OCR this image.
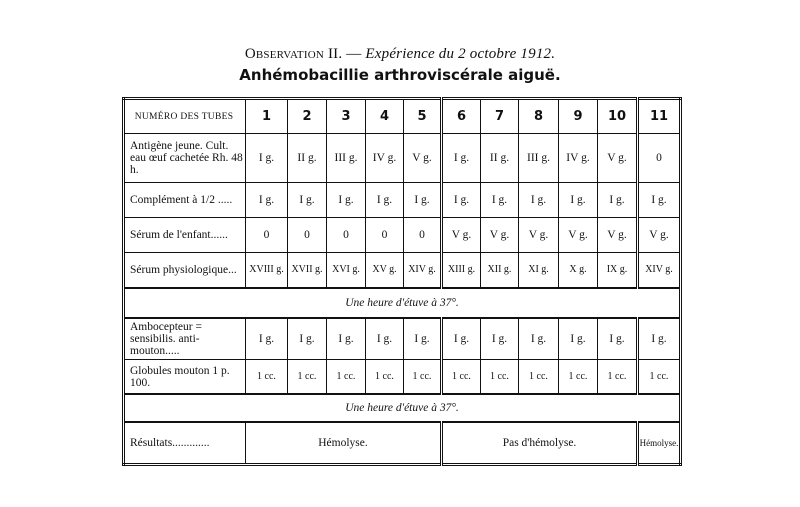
Observation II. — Expérience du 2 octobre 1912.
Anhémobacillie arthroviscérale aiguë.
NUMÉRO DES TUBES	1	2	3	4	5	6	7	8	9	10	11
Antigène jeune. Cult. eau œuf cachetée Rh. 48 h.	I g.	II g.	III g.	IV g.	V g.	I g.	II g.	III g.	IV g.	V g.	0
Complément à 1/2 .....	I g.	I g.	I g.	I g.	I g.	I g.	I g.	I g.	I g.	I g.	I g.
Sérum de l'enfant......	0	0	0	0	0	V g.	V g.	V g.	V g.	V g.	V g.
Sérum physiologique...	XVIII g.	XVII g.	XVI g.	XV g.	XIV g.	XIII g.	XII g.	XI g.	X g.	IX g.	XIV g.
Une heure d'étuve à 37°.											
Ambocepteur = sensibilis. anti-mouton.....	I g.	I g.	I g.	I g.	I g.	I g.	I g.	I g.	I g.	I g.	I g.
Globules mouton 1 p. 100.	1 cc.	1 cc.	1 cc.	1 cc.	1 cc.	1 cc.	1 cc.	1 cc.	1 cc.	1 cc.	1 cc.
Une heure d'étuve à 37°.											
Résultats.............	Hémolyse.					Pas d'hémolyse.					Hémolyse.
